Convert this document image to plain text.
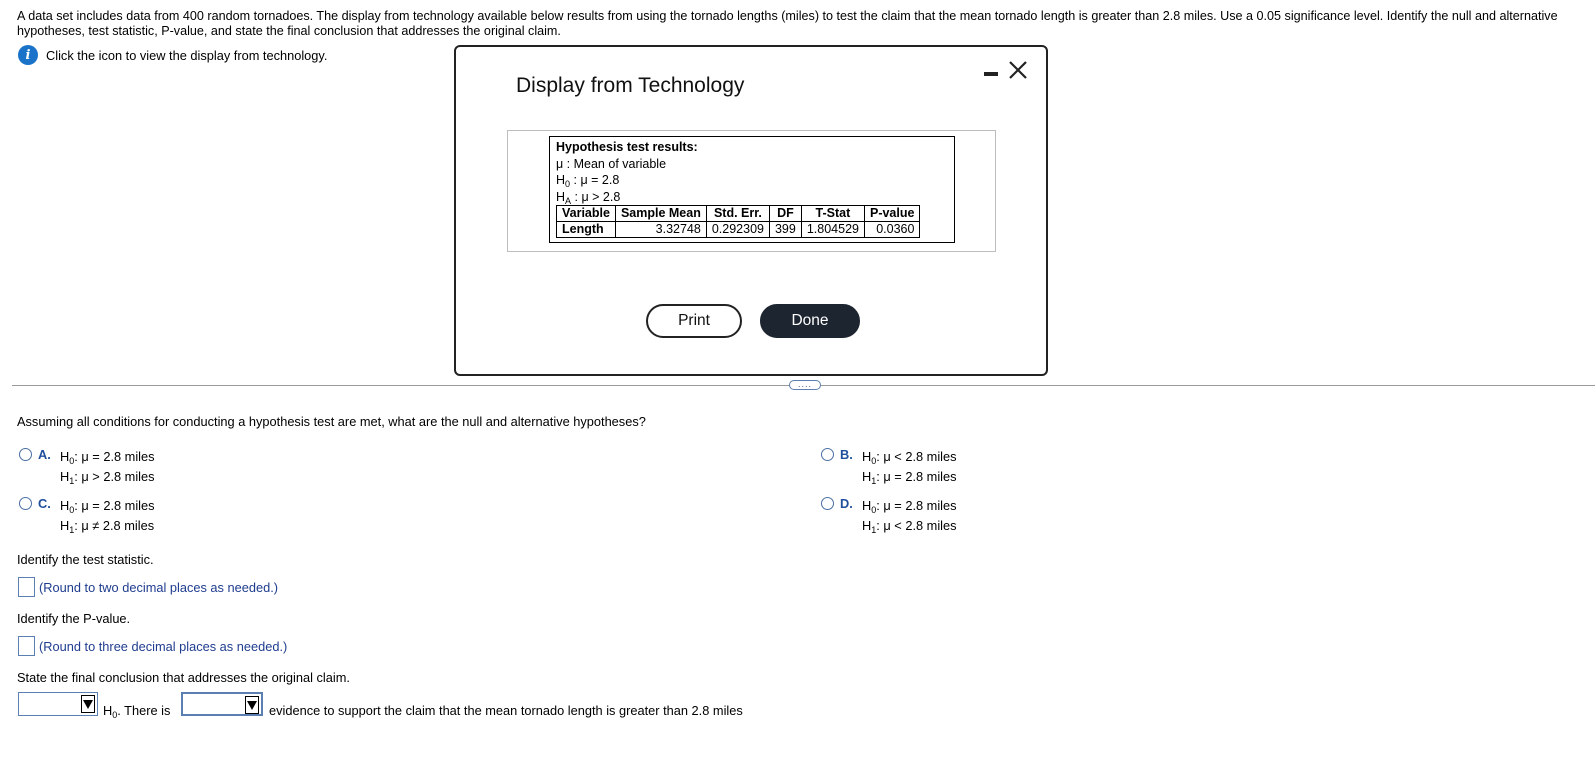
A data set includes data from 400 random tornadoes. The display from technology available below results from using the tornado lengths (miles) to test the claim that the mean tornado length is greater than 2.8 miles. Use a 0.05 significance level. Identify the null and alternative hypotheses, test statistic, P-value, and state the final conclusion that addresses the original claim.
i	Click the icon to view the display from technology.
....
Display from Technology
Hypothesis test results:
μ : Mean of variable
$H_0$ : μ = 2.8
$H_A$ : μ > 2.8
Variable	Sample Mean	Std. Err.	DF	T-Stat	P-value
Length	3.32748	0.292309	399	1.804529	0.0360
Print	Done
Assuming all conditions for conducting a hypothesis test are met, what are the null and alternative hypotheses?
A. $H_0$: μ = 2.8 miles
$H_1$: μ > 2.8 miles
B. $H_0$: μ < 2.8 miles
$H_1$: μ = 2.8 miles
C. $H_0$: μ = 2.8 miles
$H_1$: μ ≠ 2.8 miles
D. $H_0$: μ = 2.8 miles
$H_1$: μ < 2.8 miles
Identify the test statistic.
(Round to two decimal places as needed.)
Identify the P-value.
(Round to three decimal places as needed.)
State the final conclusion that addresses the original claim.
$H_0$. There is	evidence to support the claim that the mean tornado length is greater than 2.8 miles
